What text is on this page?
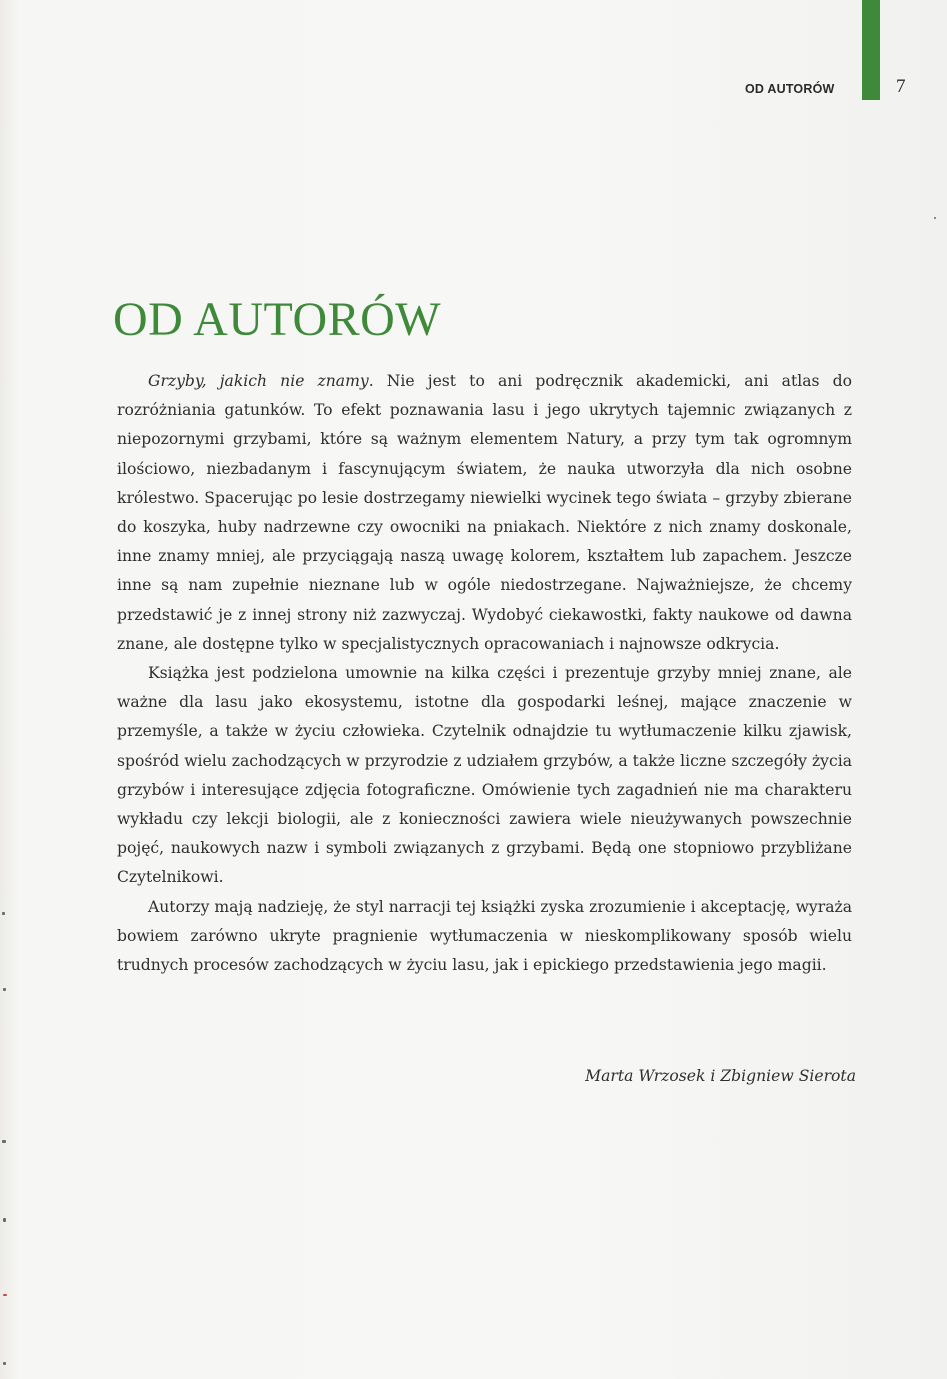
OD AUTORÓW	7
OD AUTORÓW

Grzyby, jakich nie znamy. Nie jest to ani podręcznik akademicki, ani atlas do rozróżniania gatunków. To efekt poznawania lasu i jego ukrytych tajemnic związanych z niepozornymi grzybami, które są ważnym elementem Natury, a przy tym tak ogromnym ilościowo, niezbadanym i fascynującym światem, że nauka utworzyła dla nich osobne królestwo. Spacerując po lesie dostrzegamy niewielki wycinek tego świata – grzyby zbierane do koszyka, huby nadrzewne czy owocniki na pniakach. Niektóre z nich znamy doskonale, inne znamy mniej, ale przyciągają naszą uwagę kolorem, kształtem lub zapachem. Jeszcze inne są nam zupełnie nieznane lub w ogóle niedostrzegane. Najważniejsze, że chcemy przedstawić je z innej strony niż zazwyczaj. Wydobyć ciekawostki, fakty naukowe od dawna znane, ale dostępne tylko w specjalistycznych opracowaniach i najnowsze odkrycia.

Książka jest podzielona umownie na kilka części i prezentuje grzyby mniej znane, ale ważne dla lasu jako ekosystemu, istotne dla gospodarki leśnej, mające znaczenie w przemyśle, a także w życiu człowieka. Czytelnik odnajdzie tu wytłumaczenie kilku zjawisk, spośród wielu zachodzących w przyrodzie z udziałem grzybów, a także liczne szczegóły życia grzybów i interesujące zdjęcia fotograficzne. Omówienie tych zagadnień nie ma charakteru wykładu czy lekcji biologii, ale z konieczności zawiera wiele nieużywanych powszechnie pojęć, naukowych nazw i symboli związanych z grzybami. Będą one stopniowo przybliżane Czytelnikowi.

Autorzy mają nadzieję, że styl narracji tej książki zyska zrozumienie i akceptację, wyraża bowiem zarówno ukryte pragnienie wytłumaczenia w nieskomplikowany sposób wielu trudnych procesów zachodzących w życiu lasu, jak i epickiego przedstawienia jego magii.

Marta Wrzosek i Zbigniew Sierota
